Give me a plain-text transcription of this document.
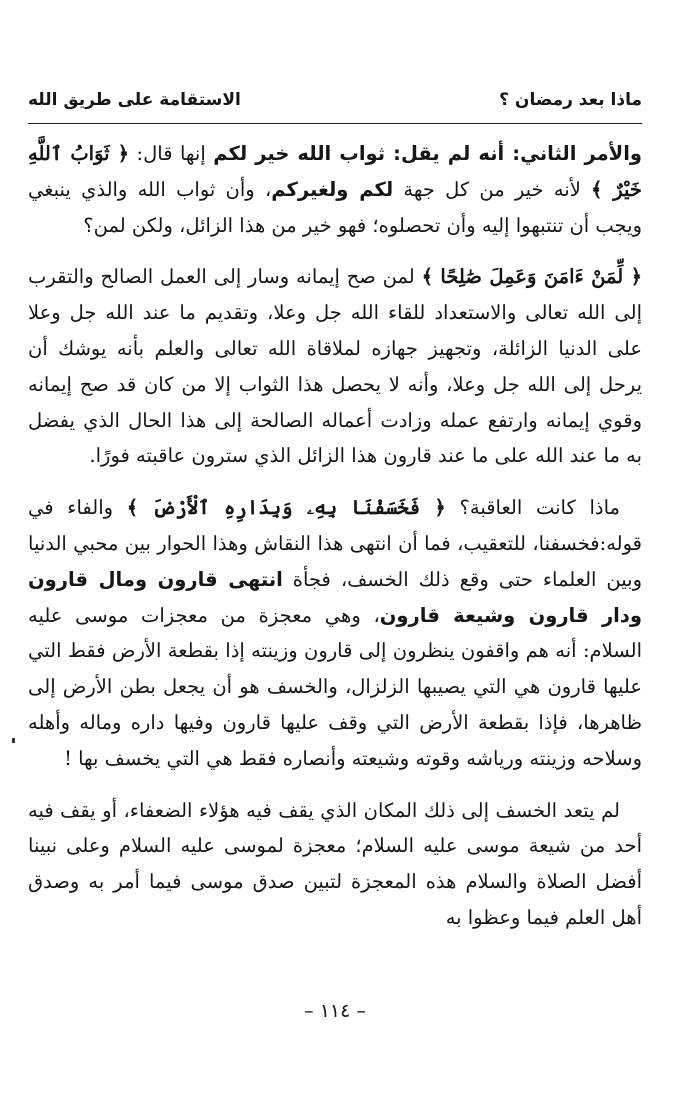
ماذا بعد رمضان ؟
الاستقامة على طريق الله

والأمر الثاني: أنه لم يقل: ثواب الله خير لكم إنها قال: ﴿ ثَوَابُ ٱللَّهِ خَيْرٌ ﴾ لأنه خير من كل جهة لكم ولغيركم، وأن ثواب الله والذي ينبغي ويجب أن تنتبهوا إليه وأن تحصلوه؛ فهو خير من هذا الزائل، ولكن لمن؟

﴿ لِّمَنْ ءَامَنَ وَعَمِلَ صَٰلِحًا ﴾ لمن صح إيمانه وسار إلى العمل الصالح والتقرب إلى الله تعالى والاستعداد للقاء الله جل وعلا، وتقديم ما عند الله جل وعلا على الدنيا الزائلة، وتجهيز جهازه لملاقاة الله تعالى والعلم بأنه يوشك أن يرحل إلى الله جل وعلا، وأنه لا يحصل هذا الثواب إلا من كان قد صح إيمانه وقوي إيمانه وارتفع عمله وزادت أعماله الصالحة إلى هذا الحال الذي يفضل به ما عند الله على ما عند قارون هذا الزائل الذي سترون عاقبته فورًا.

ماذا كانت العاقبة؟ ﴿ فَخَسَفْنَا بِهِۦ وَبِدَارِهِ ٱلْأَرْضَ ﴾ والفاء في قوله:فخسفنا، للتعقيب، فما أن انتهى هذا النقاش وهذا الحوار بين محبي الدنيا وبين العلماء حتى وقع ذلك الخسف، فجأة انتهى قارون ومال قارون ودار قارون وشيعة قارون، وهي معجزة من معجزات موسى عليه السلام: أنه هم واقفون ينظرون إلى قارون وزينته إذا بقطعة الأرض فقط التي عليها قارون هي التي يصيبها الزلزال، والخسف هو أن يجعل بطن الأرض إلى ظاهرها، فإذا بقطعة الأرض التي وقف عليها قارون وفيها داره وماله وأهله وسلاحه وزينته ورياشه وقوته وشيعته وأنصاره فقط هي التي يخسف بها !

لم يتعد الخسف إلى ذلك المكان الذي يقف فيه هؤلاء الضعفاء، أو يقف فيه أحد من شيعة موسى عليه السلام؛ معجزة لموسى عليه السلام وعلى نبينا أفضل الصلاة والسلام هذه المعجزة لتبين صدق موسى فيما أمر به وصدق أهل العلم فيما وعظوا به

– ١١٤ –
